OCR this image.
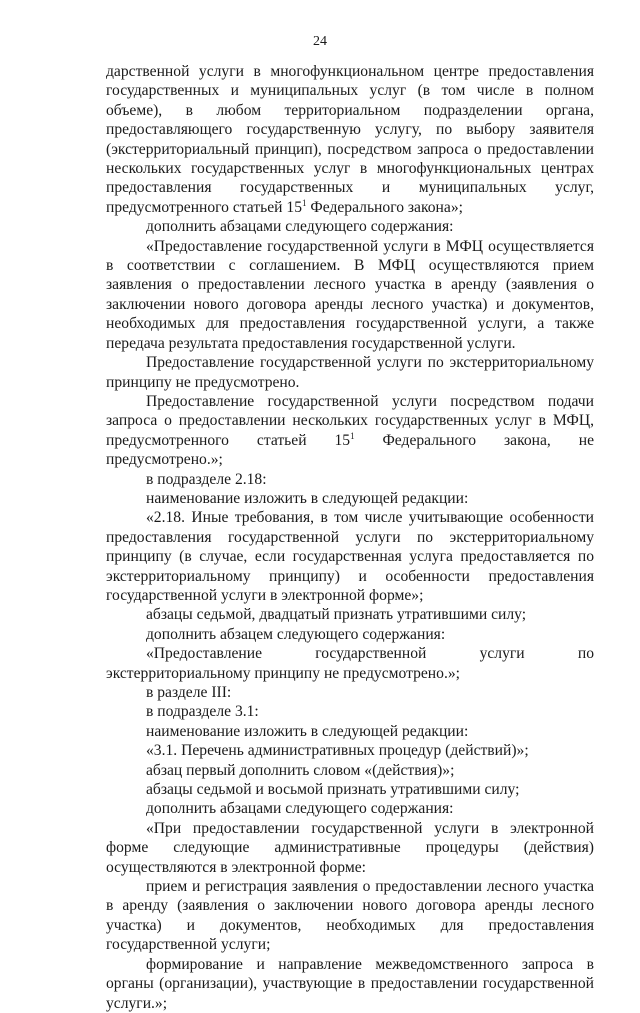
24

дарственной услуги в многофункциональном центре предоставления государственных и муниципальных услуг (в том числе в полном объеме), в любом территориальном подразделении органа, предоставляющего государственную услугу, по выбору заявителя (экстерриториальный принцип), посредством запроса о предоставлении нескольких государственных услуг в многофункциональных центрах предоставления государственных и муниципальных услуг, предусмотренного статьей $15^1$ Федерального закона»;

дополнить абзацами следующего содержания:

«Предоставление государственной услуги в МФЦ осуществляется в соответствии с соглашением. В МФЦ осуществляются прием заявления о предоставлении лесного участка в аренду (заявления о заключении нового договора аренды лесного участка) и документов, необходимых для предоставления государственной услуги, а также передача результата предоставления государственной услуги.

Предоставление государственной услуги по экстерриториальному принципу не предусмотрено.

Предоставление государственной услуги посредством подачи запроса о предоставлении нескольких государственных услуг в МФЦ, предусмотренного статьей $15^1$ Федерального закона, не предусмотрено.»;

в подразделе 2.18:

наименование изложить в следующей редакции:

«2.18. Иные требования, в том числе учитывающие особенности предоставления государственной услуги по экстерриториальному принципу (в случае, если государственная услуга предоставляется по экстерриториальному принципу) и особенности предоставления государственной услуги в электронной форме»;

абзацы седьмой, двадцатый признать утратившими силу;

дополнить абзацем следующего содержания:

«Предоставление государственной услуги по экстерриториальному принципу не предусмотрено.»;

в разделе III:

в подразделе 3.1:

наименование изложить в следующей редакции:

«3.1. Перечень административных процедур (действий)»;

абзац первый дополнить словом «(действия)»;

абзацы седьмой и восьмой признать утратившими силу;

дополнить абзацами следующего содержания:

«При предоставлении государственной услуги в электронной форме следующие административные процедуры (действия) осуществляются в электронной форме:

прием и регистрация заявления о предоставлении лесного участка в аренду (заявления о заключении нового договора аренды лесного участка) и документов, необходимых для предоставления государственной услуги;

формирование и направление межведомственного запроса в органы (организации), участвующие в предоставлении государственной услуги.»;
